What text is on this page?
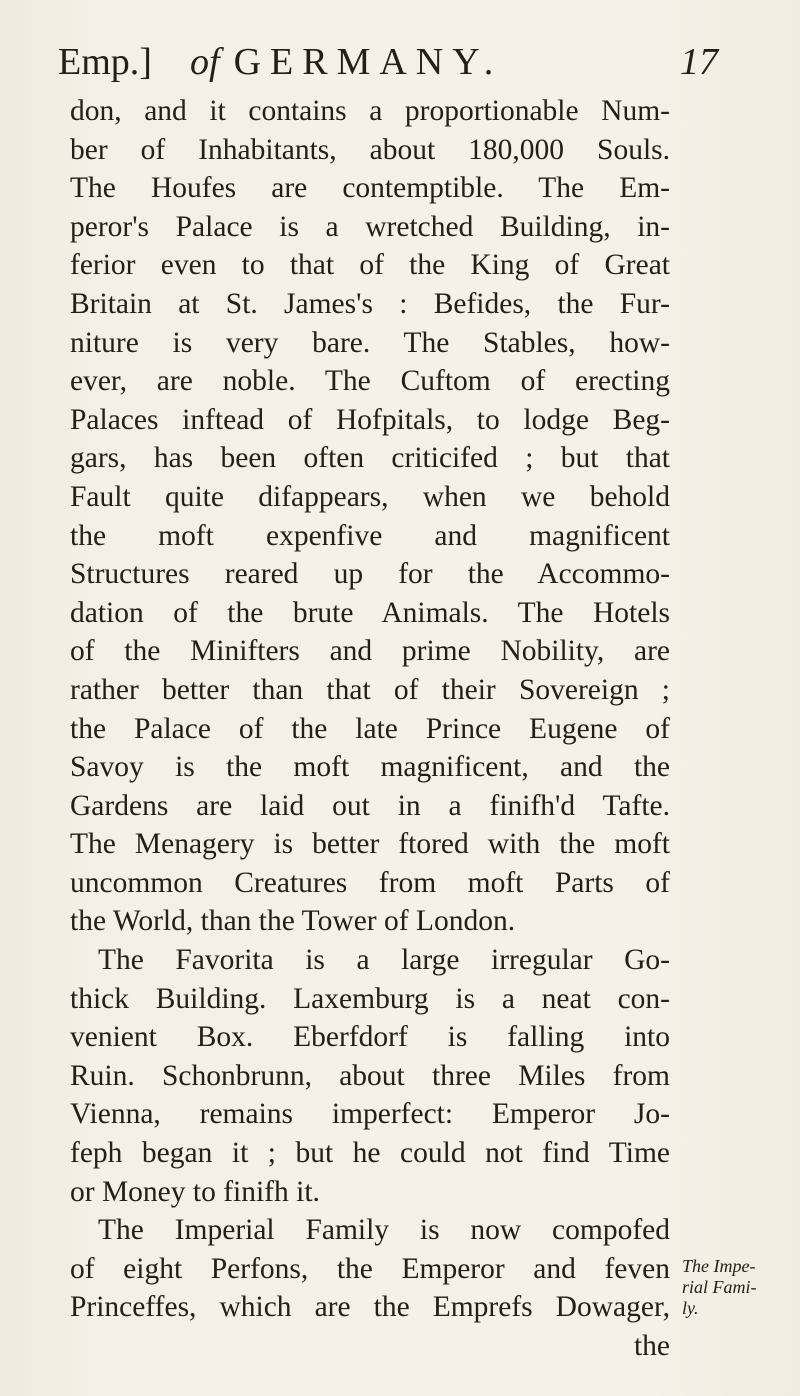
Emp.] of GERMANY.	17
don, and it contains a proportionable Num-
ber of Inhabitants, about 180,000 Souls.
The Houfes are contemptible. The Em-
peror's Palace is a wretched Building, in-
ferior even to that of the King of Great
Britain at St. James's : Befides, the Fur-
niture is very bare. The Stables, how-
ever, are noble. The Cuftom of erecting
Palaces inftead of Hofpitals, to lodge Beg-
gars, has been often criticifed ; but that
Fault quite difappears, when we behold
the moft expenfive and magnificent
Structures reared up for the Accommo-
dation of the brute Animals. The Hotels
of the Minifters and prime Nobility, are
rather better than that of their Sovereign ;
the Palace of the late Prince Eugene of
Savoy is the moft magnificent, and the
Gardens are laid out in a finifh'd Tafte.
The Menagery is better ftored with the moft
uncommon Creatures from moft Parts of
the World, than the Tower of London.
The Favorita is a large irregular Go-
thick Building. Laxemburg is a neat con-
venient Box. Eberfdorf is falling into
Ruin. Schonbrunn, about three Miles from
Vienna, remains imperfect: Emperor Jo-
feph began it ; but he could not find Time
or Money to finifh it.
The Imperial Family is now compofed
of eight Perfons, the Emperor and feven
Princeffes, which are the Emprefs Dowager,
the
The Impe-
rial Fami-
ly.
